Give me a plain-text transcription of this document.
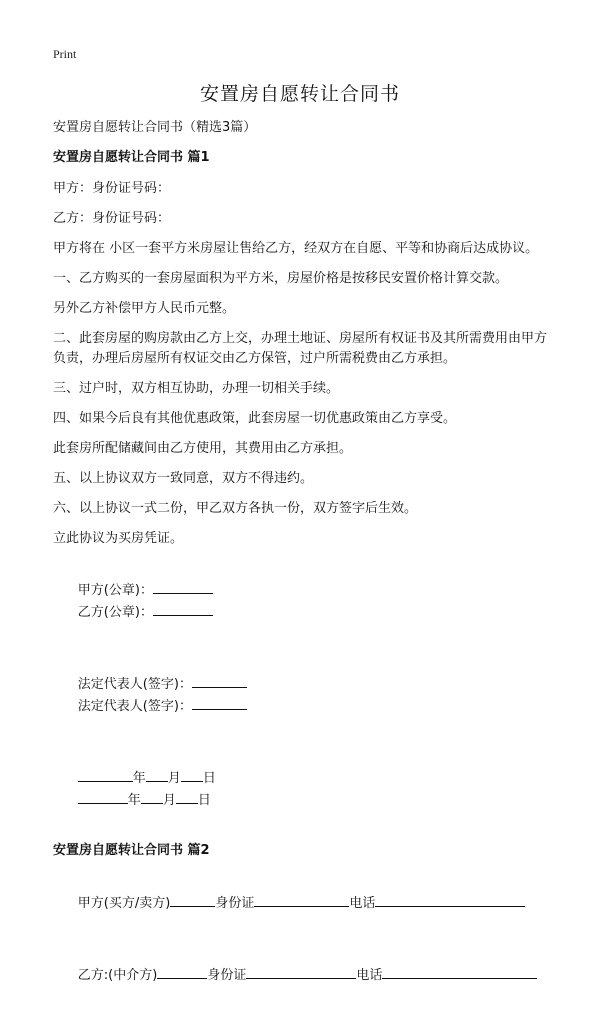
Print
安置房自愿转让合同书

安置房自愿转让合同书（精选3篇）

安置房自愿转让合同书 篇1

甲方：身份证号码：

乙方：身份证号码：

甲方将在 小区一套平方米房屋让售给乙方，经双方在自愿、平等和协商后达成协议。

一、乙方购买的一套房屋面积为平方米，房屋价格是按移民安置价格计算交款。

另外乙方补偿甲方人民币元整。

二、此套房屋的购房款由乙方上交，办理土地证、房屋所有权证书及其所需费用由甲方负责，办理后房屋所有权证交由乙方保管，过户所需税费由乙方承担。

三、过户时，双方相互协助，办理一切相关手续。

四、如果今后良有其他优惠政策，此套房屋一切优惠政策由乙方享受。

此套房所配储藏间由乙方使用，其费用由乙方承担。

五、以上协议双方一致同意，双方不得违约。

六、以上协议一式二份，甲乙双方各执一份，双方签字后生效。

立此协议为买房凭证。

甲方(公章)：
乙方(公章)：

法定代表人(签字)：
法定代表人(签字)：

年 月 日
年 月 日

安置房自愿转让合同书 篇2

甲方(买方/卖方)	身份证	电话

乙方:(中介方)	身份证	电话
